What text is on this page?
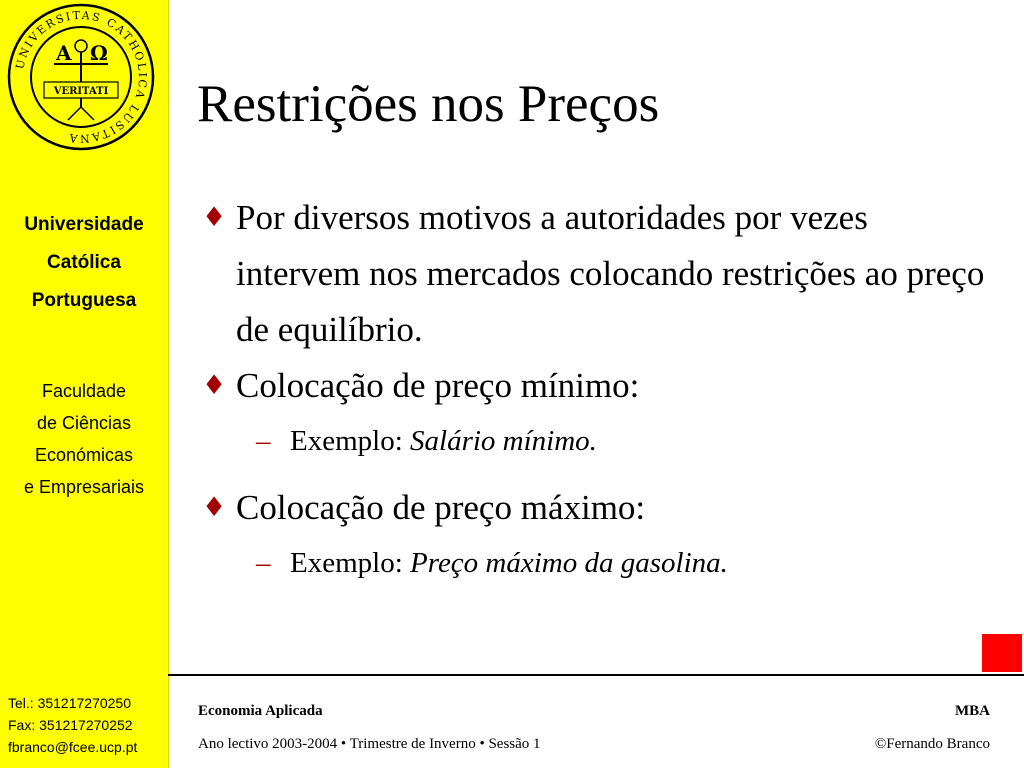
UNIVERSITAS CATHOLICA LUSITANA
A Ω
VERITATI
Universidade
Católica
Portuguesa
Faculdade
de Ciências
Económicas
e Empresariais
Tel.: 351217270250
Fax: 351217270252
fbranco@fcee.ucp.pt
Restrições nos Preços
♦ Por diversos motivos a autoridades por vezes intervem nos mercados colocando restrições ao preço de equilíbrio.
♦ Colocação de preço mínimo:
– Exemplo: Salário mínimo.
♦ Colocação de preço máximo:
– Exemplo: Preço máximo da gasolina.
Economia Aplicada	MBA
Ano lectivo 2003-2004 • Trimestre de Inverno • Sessão 1	©Fernando Branco
